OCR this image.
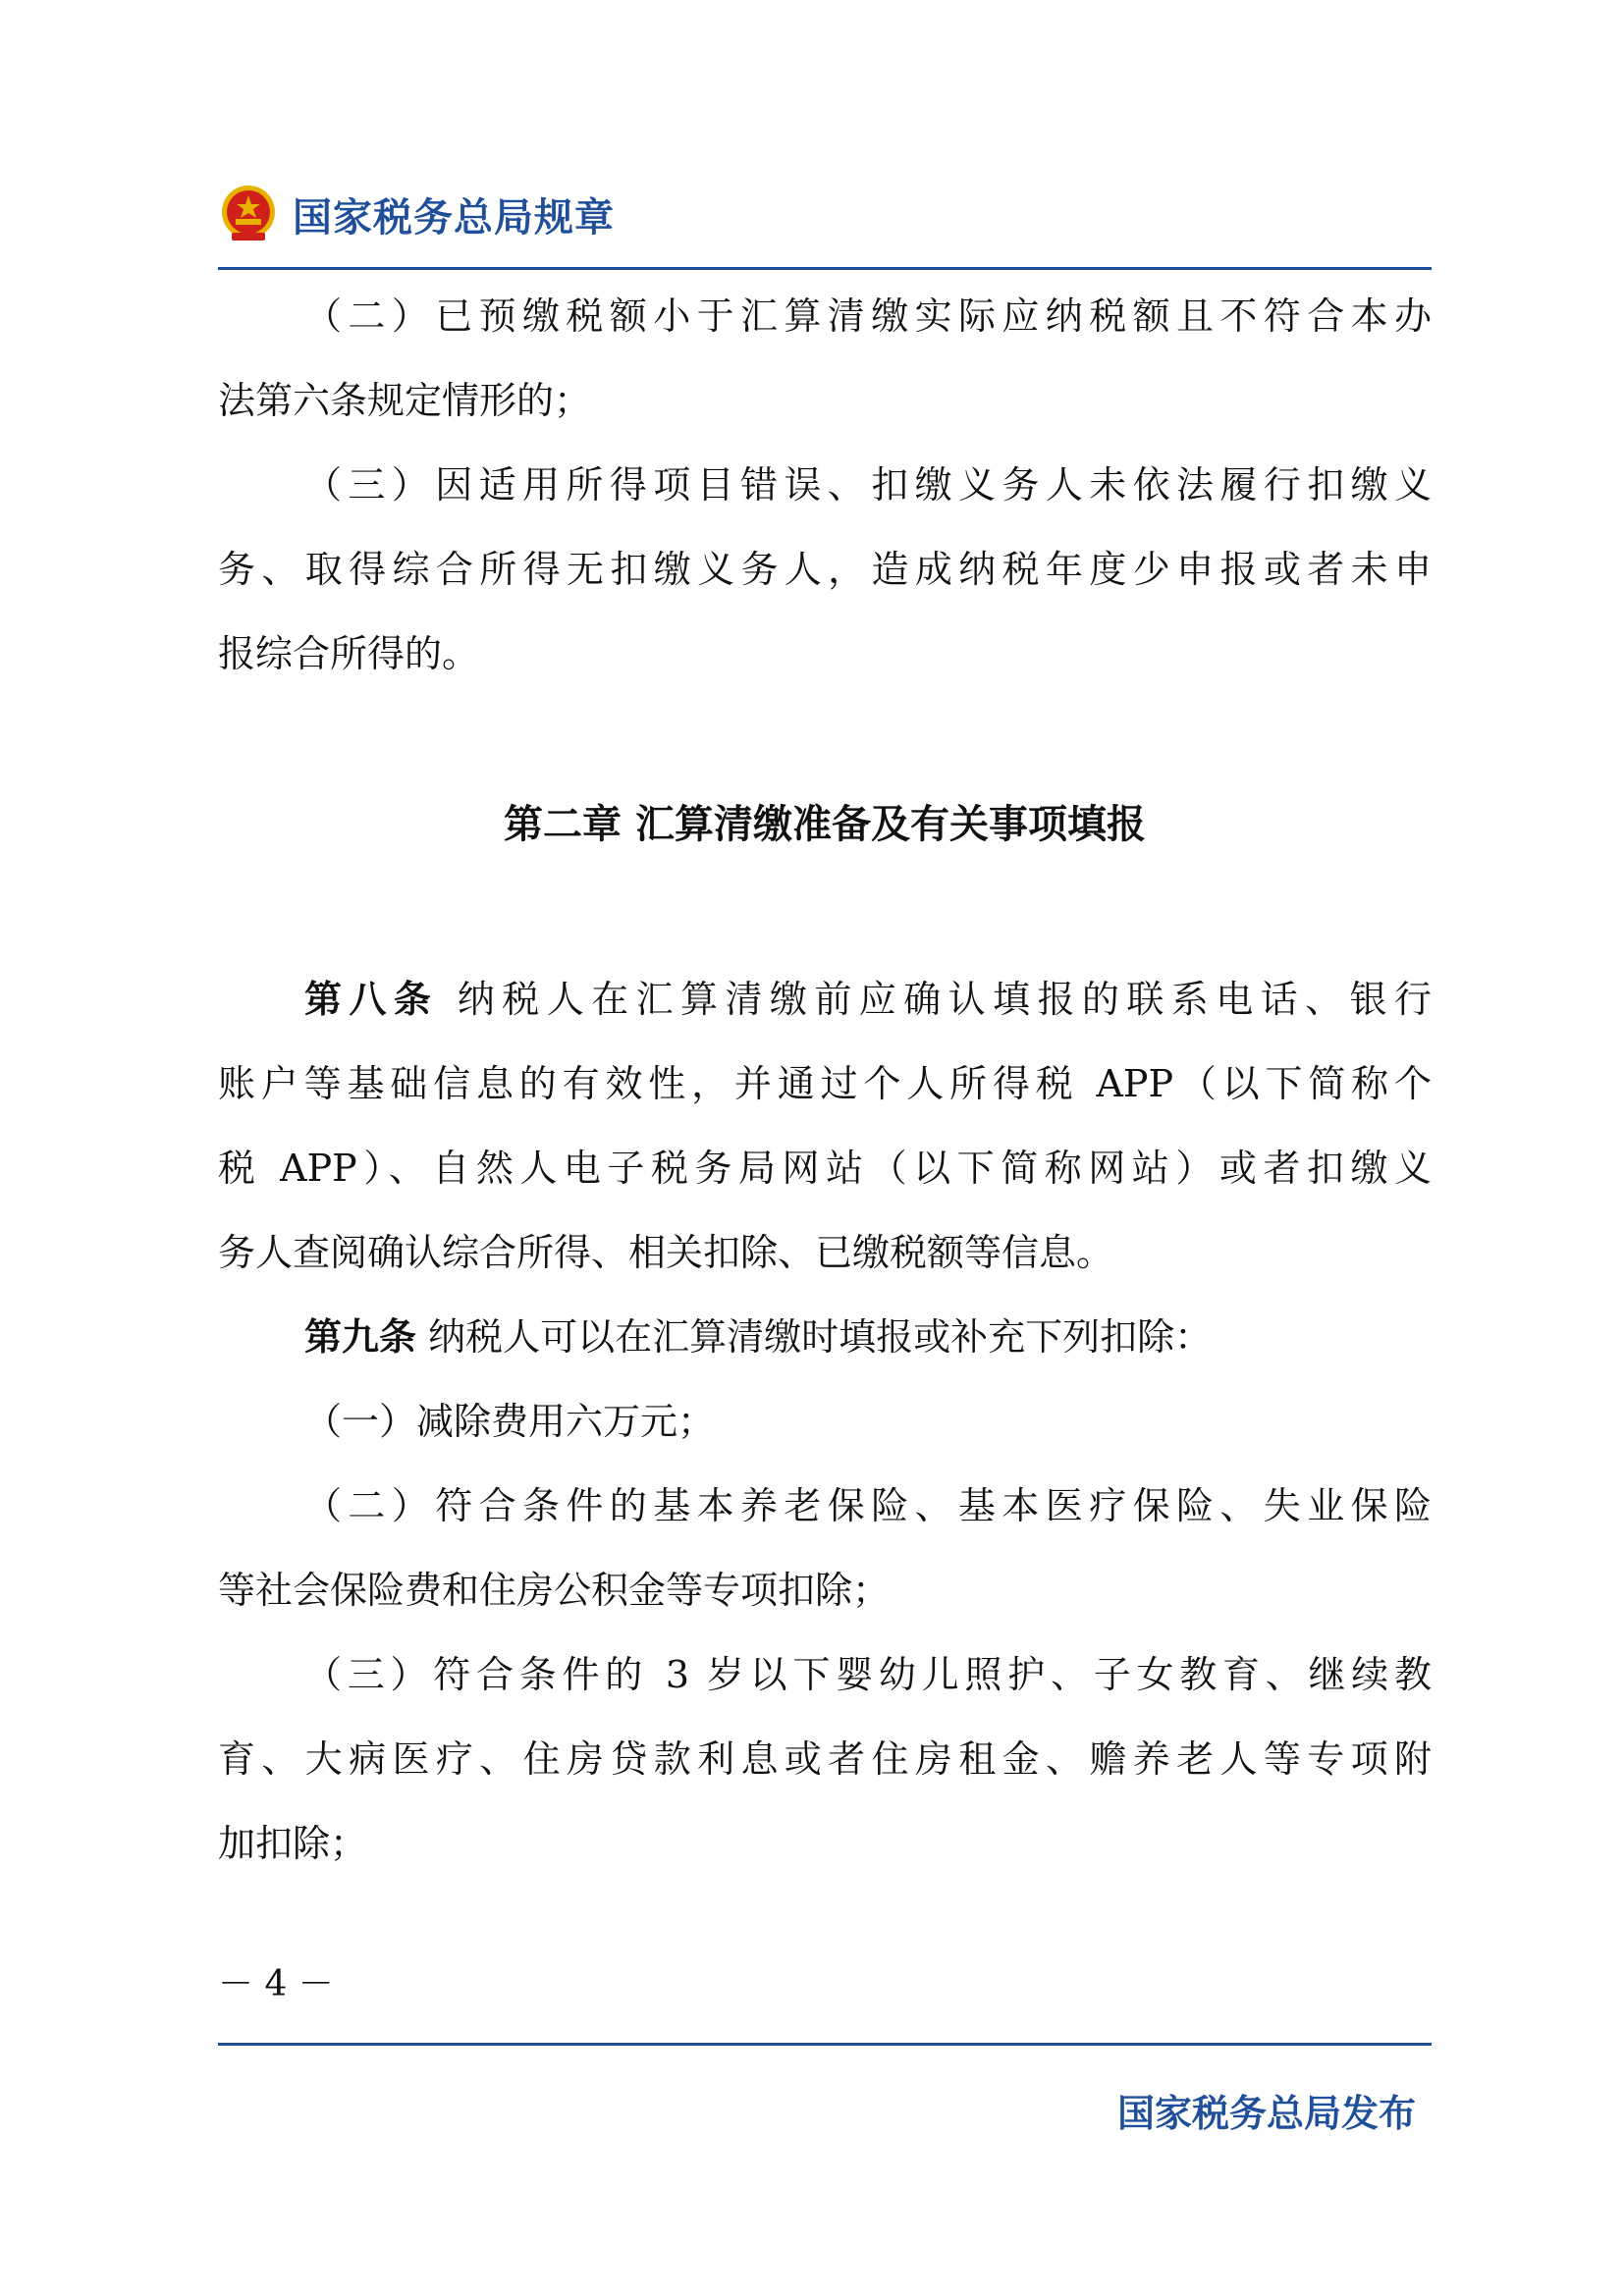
国家税务总局规章
（二）已预缴税额小于汇算清缴实际应纳税额且不符合本办
法第六条规定情形的；
（三）因适用所得项目错误、扣缴义务人未依法履行扣缴义
务、取得综合所得无扣缴义务人，造成纳税年度少申报或者未申
报综合所得的。
第二章 汇算清缴准备及有关事项填报
第八条 纳税人在汇算清缴前应确认填报的联系电话、银行
账户等基础信息的有效性，并通过个人所得税 APP（以下简称个
税 APP）、自然人电子税务局网站（以下简称网站）或者扣缴义
务人查阅确认综合所得、相关扣除、已缴税额等信息。
第九条 纳税人可以在汇算清缴时填报或补充下列扣除：
（一）减除费用六万元；
（二）符合条件的基本养老保险、基本医疗保险、失业保险
等社会保险费和住房公积金等专项扣除；
（三）符合条件的 3 岁以下婴幼儿照护、子女教育、继续教
育、大病医疗、住房贷款利息或者住房租金、赡养老人等专项附
加扣除；
－ 4 －
国家税务总局发布
